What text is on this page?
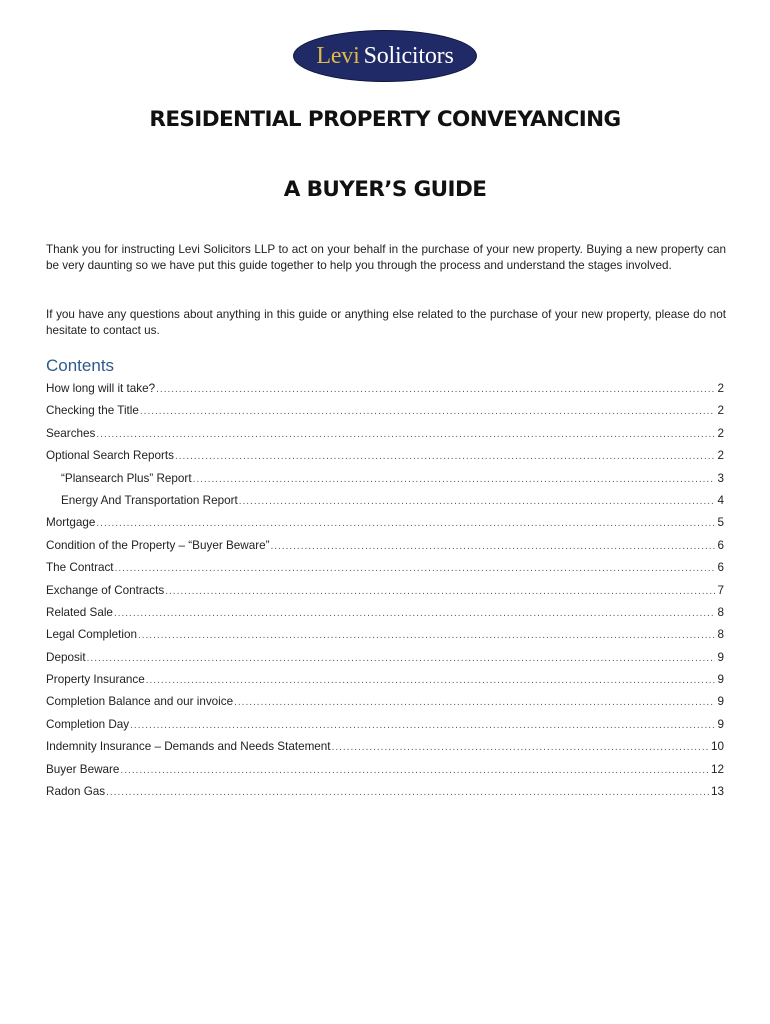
Levi Solicitors
RESIDENTIAL PROPERTY CONVEYANCING
A BUYER’S GUIDE

Thank you for instructing Levi Solicitors LLP to act on your behalf in the purchase of your new property. Buying a new property can be very daunting so we have put this guide together to help you through the process and understand the stages involved.

If you have any questions about anything in this guide or anything else related to the purchase of your new property, please do not hesitate to contact us.

Contents
How long will it take? .....	2
Checking the Title .....	2
Searches .....	2
Optional Search Reports .....	2
“Plansearch Plus” Report .....	3
Energy And Transportation Report .....	4
Mortgage .....	5
Condition of the Property – “Buyer Beware” .....	6
The Contract .....	6
Exchange of Contracts .....	7
Related Sale .....	8
Legal Completion .....	8
Deposit .....	9
Property Insurance .....	9
Completion Balance and our invoice .....	9
Completion Day .....	9
Indemnity Insurance – Demands and Needs Statement .....	10
Buyer Beware .....	12
Radon Gas .....	13
